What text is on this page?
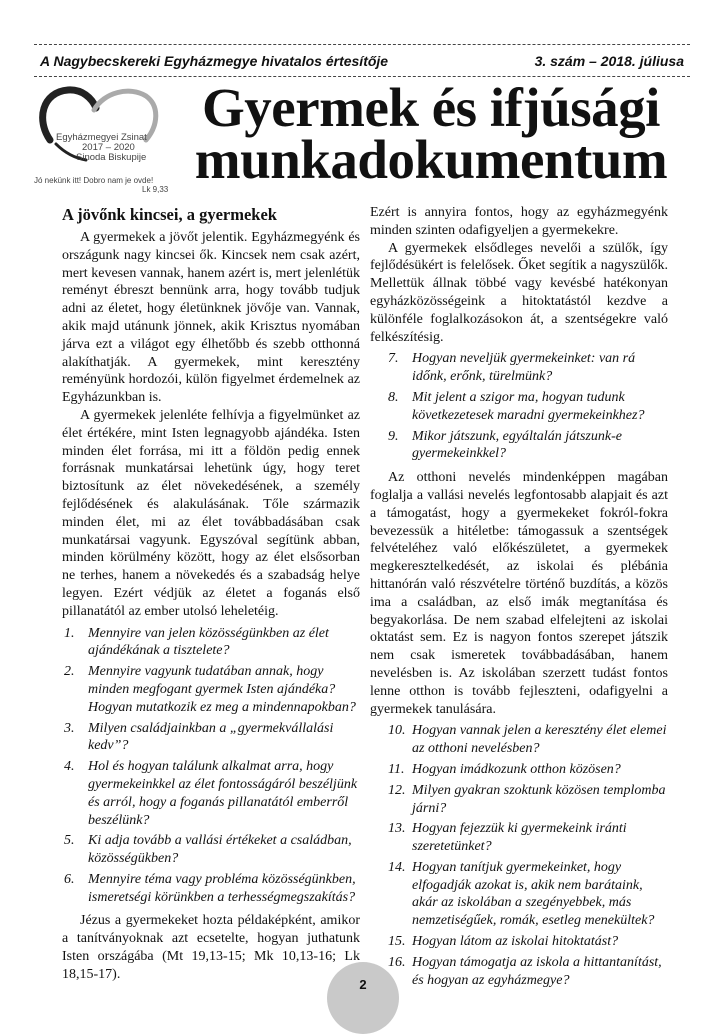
A Nagybecskereki Egyházmegye hivatalos értesítője	3. szám – 2018. júliusa
Egyházmegyei Zsinat
2017 – 2020
Sinoda Biskupije
Jó nekünk itt! Dobro nam je ovde!
Lk 9,33
Gyermek és ifjúsági
munkadokumentum
A jövőnk kincsei, a gyermekek

A gyermekek a jövőt jelentik. Egyházmegyénk és országunk nagy kincsei ők. Kincsek nem csak azért, mert kevesen vannak, hanem azért is, mert jelenlétük reményt ébreszt bennünk arra, hogy tovább tudjuk adni az életet, hogy életünknek jövője van. Vannak, akik majd utánunk jönnek, akik Krisztus nyomában járva ezt a világot egy élhetőbb és szebb otthonná alakíthatják. A gyermekek, mint keresztény reményünk hordozói, külön figyelmet érdemelnek az Egyházunkban is.

A gyermekek jelenléte felhívja a figyelmünket az élet értékére, mint Isten legnagyobb ajándéka. Isten minden élet forrása, mi itt a földön pedig ennek forrásnak munkatársai lehetünk úgy, hogy teret biztosítunk az élet növekedésének, a személy fejlődésének és alakulásának. Tőle származik minden élet, mi az élet továbbadásában csak munkatársai vagyunk. Egyszóval segítünk abban, minden körülmény között, hogy az élet elsősorban ne terhes, hanem a növekedés és a szabadság helye legyen. Ezért védjük az életet a foganás első pillanatától az ember utolsó leheletéig.

1. Mennyire van jelen közösségünkben az élet ajándékának a tisztelete?
2. Mennyire vagyunk tudatában annak, hogy minden megfogant gyermek Isten ajándéka? Hogyan mutatkozik ez meg a mindennapokban?
3. Milyen családjainkban a „gyermekvállalási kedv”?
4. Hol és hogyan találunk alkalmat arra, hogy gyermekeinkkel az élet fontosságáról beszéljünk és arról, hogy a foganás pillanatától emberről beszélünk?
5. Ki adja tovább a vallási értékeket a családban, közösségükben?
6. Mennyire téma vagy probléma közösségünkben, ismeretségi körünkben a terhességmegszakítás?

Jézus a gyermekeket hozta példaképként, amikor a tanítványoknak azt ecsetelte, hogyan juthatunk Isten országába (Mt 19,13-15; Mk 10,13-16; Lk 18,15-17).

Ezért is annyira fontos, hogy az egyházmegyénk minden szinten odafigyeljen a gyermekekre.

A gyermekek elsődleges nevelői a szülők, így fejlődésükért is felelősek. Őket segítik a nagyszülők. Mellettük állnak többé vagy kevésbé hatékonyan egyházközösségeink a hitoktatástól kezdve a különféle foglalkozásokon át, a szentségekre való felkészítésig.

7. Hogyan neveljük gyermekeinket: van rá időnk, erőnk, türelmünk?
8. Mit jelent a szigor ma, hogyan tudunk következetesek maradni gyermekeinkhez?
9. Mikor játszunk, egyáltalán játszunk-e gyermekeinkkel?

Az otthoni nevelés mindenképpen magában foglalja a vallási nevelés legfontosabb alapjait és azt a támogatást, hogy a gyermekeket fokról-fokra bevezessük a hitéletbe: támogassuk a szentségek felvételéhez való előkészületet, a gyermekek megkeresztelkedését, az iskolai és plébánia hittanórán való részvételre történő buzdítás, a közös ima a családban, az első imák megtanítása és begyakorlása. De nem szabad elfelejteni az iskolai oktatást sem. Ez is nagyon fontos szerepet játszik nem csak ismeretek továbbadásában, hanem nevelésben is. Az iskolában szerzett tudást fontos lenne otthon is tovább fejleszteni, odafigyelni a gyermekek tanulására.

10. Hogyan vannak jelen a keresztény élet elemei az otthoni nevelésben?
11. Hogyan imádkozunk otthon közösen?
12. Milyen gyakran szoktunk közösen templomba járni?
13. Hogyan fejezzük ki gyermekeink iránti szeretetünket?
14. Hogyan tanítjuk gyermekeinket, hogy elfogadják azokat is, akik nem barátaink, akár az iskolában a szegényebbek, más nemzetiségűek, romák, esetleg menekültek?
15. Hogyan látom az iskolai hitoktatást?
16. Hogyan támogatja az iskola a hittantanítást, és hogyan az egyházmegye?
2
